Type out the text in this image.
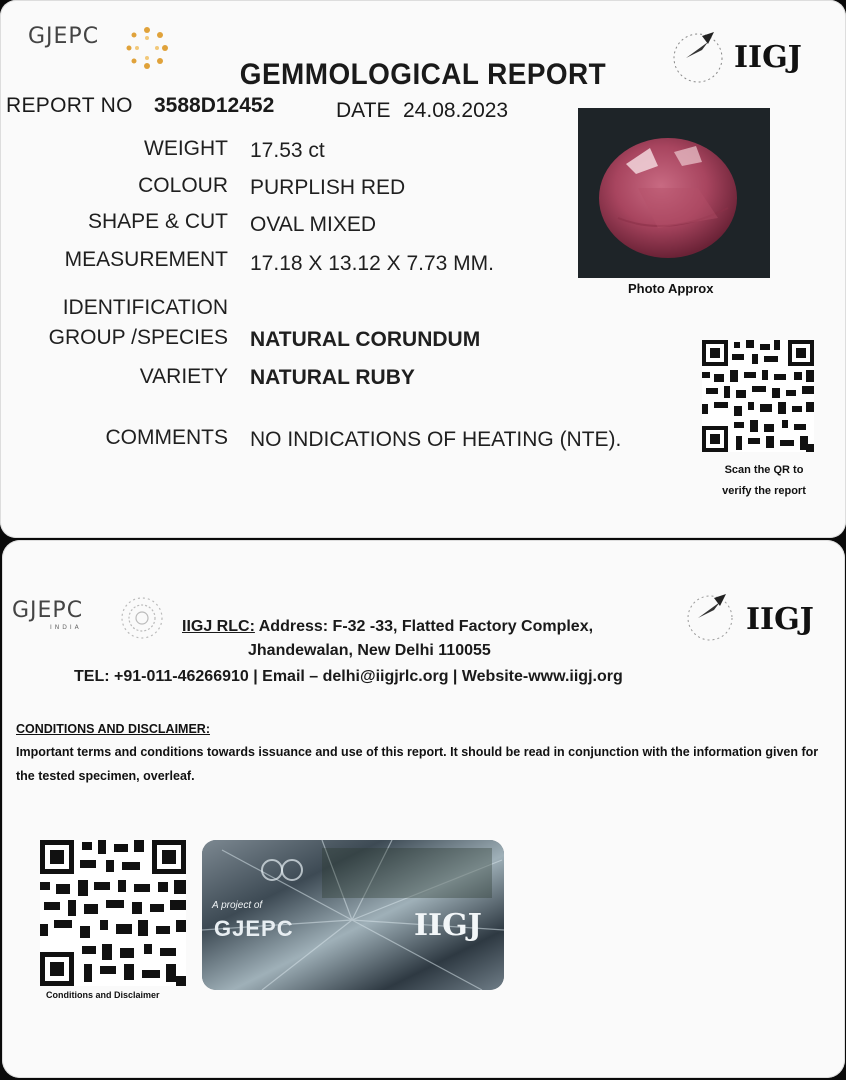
GJEPC
IIGJ
GEMMOLOGICAL REPORT
REPORT NO 3588D12452	DATE 24.08.2023
WEIGHT 17.53 ct
COLOUR PURPLISH RED
SHAPE & CUT OVAL MIXED
MEASUREMENT 17.18 X 13.12 X 7.73 MM.
IDENTIFICATION
GROUP /SPECIES NATURAL CORUNDUM
VARIETY NATURAL RUBY
COMMENTS NO INDICATIONS OF HEATING (NTE).
Photo Approx
Scan the QR to
verify the report
GJEPC
INDIA	IIGJ
IIGJ RLC: Address: F-32 -33, Flatted Factory Complex,
Jhandewalan, New Delhi 110055
TEL: +91-011-46266910 | Email – delhi@iigjrlc.org | Website-www.iigj.org
CONDITIONS AND DISCLAIMER:
Important terms and conditions towards issuance and use of this report. It should be read in conjunction with the information given for the tested specimen, overleaf.
Conditions and Disclaimer
A project of
GJEPC	IIGJ
